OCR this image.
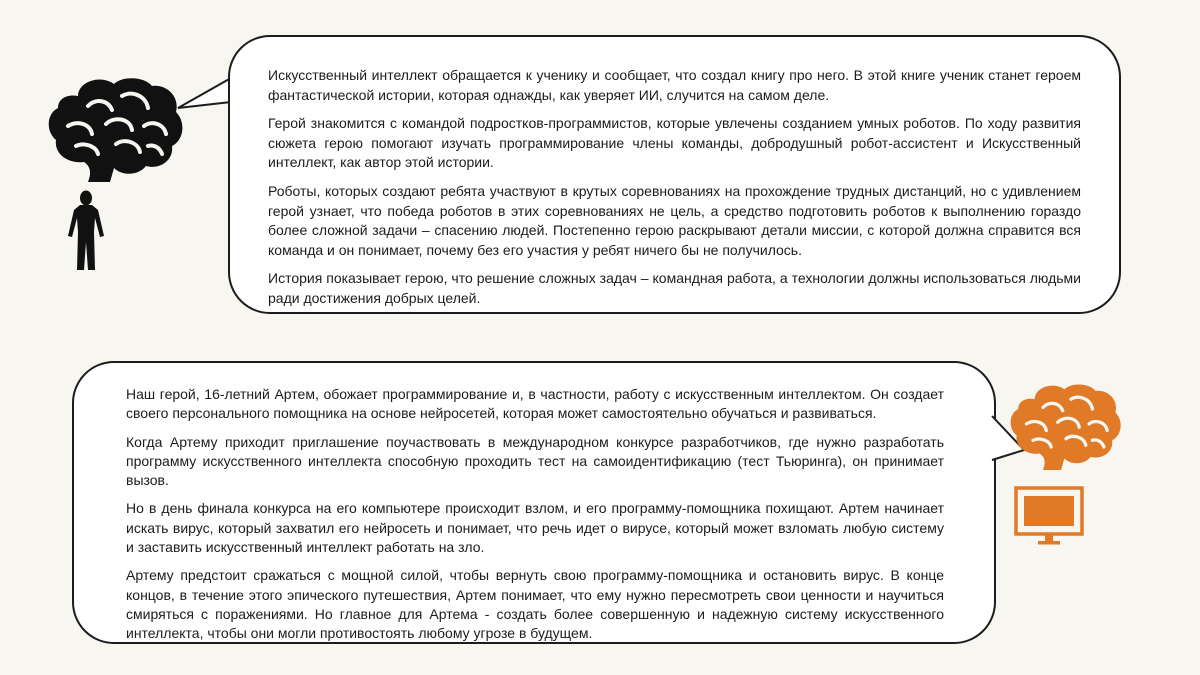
Искусственный интеллект обращается к ученику и сообщает, что создал книгу про него. В этой книге ученик станет героем фантастической истории, которая однажды, как уверяет ИИ, случится на самом деле.

Герой знакомится с командой подростков-программистов, которые увлечены созданием умных роботов. По ходу развития сюжета герою помогают изучать программирование члены команды, добродушный робот-ассистент и Искусственный интеллект, как автор этой истории.

Роботы, которых создают ребята участвуют в крутых соревнованиях на прохождение трудных дистанций, но с удивлением герой узнает, что победа роботов в этих соревнованиях не цель, а средство подготовить роботов к выполнению гораздо более сложной задачи – спасению людей. Постепенно герою раскрывают детали миссии, с которой должна справится вся команда и он понимает, почему без его участия у ребят ничего бы не получилось.

История показывает герою, что решение сложных задач – командная работа, а технологии должны использоваться людьми ради достижения добрых целей.

Наш герой, 16-летний Артем, обожает программирование и, в частности, работу с искусственным интеллектом. Он создает своего персонального помощника на основе нейросетей, которая может самостоятельно обучаться и развиваться.

Когда Артему приходит приглашение поучаствовать в международном конкурсе разработчиков, где нужно разработать программу искусственного интеллекта способную проходить тест на самоидентификацию (тест Тьюринга), он принимает вызов.

Но в день финала конкурса на его компьютере происходит взлом, и его программу-помощника похищают. Артем начинает искать вирус, который захватил его нейросеть и понимает, что речь идет о вирусе, который может взломать любую систему и заставить искусственный интеллект работать на зло.

Артему предстоит сражаться с мощной силой, чтобы вернуть свою программу-помощника и остановить вирус. В конце концов, в течение этого эпического путешествия, Артем понимает, что ему нужно пересмотреть свои ценности и научиться смиряться с поражениями. Но главное для Артема - создать более совершенную и надежную систему искусственного интеллекта, чтобы они могли противостоять любому угрозе в будущем.
